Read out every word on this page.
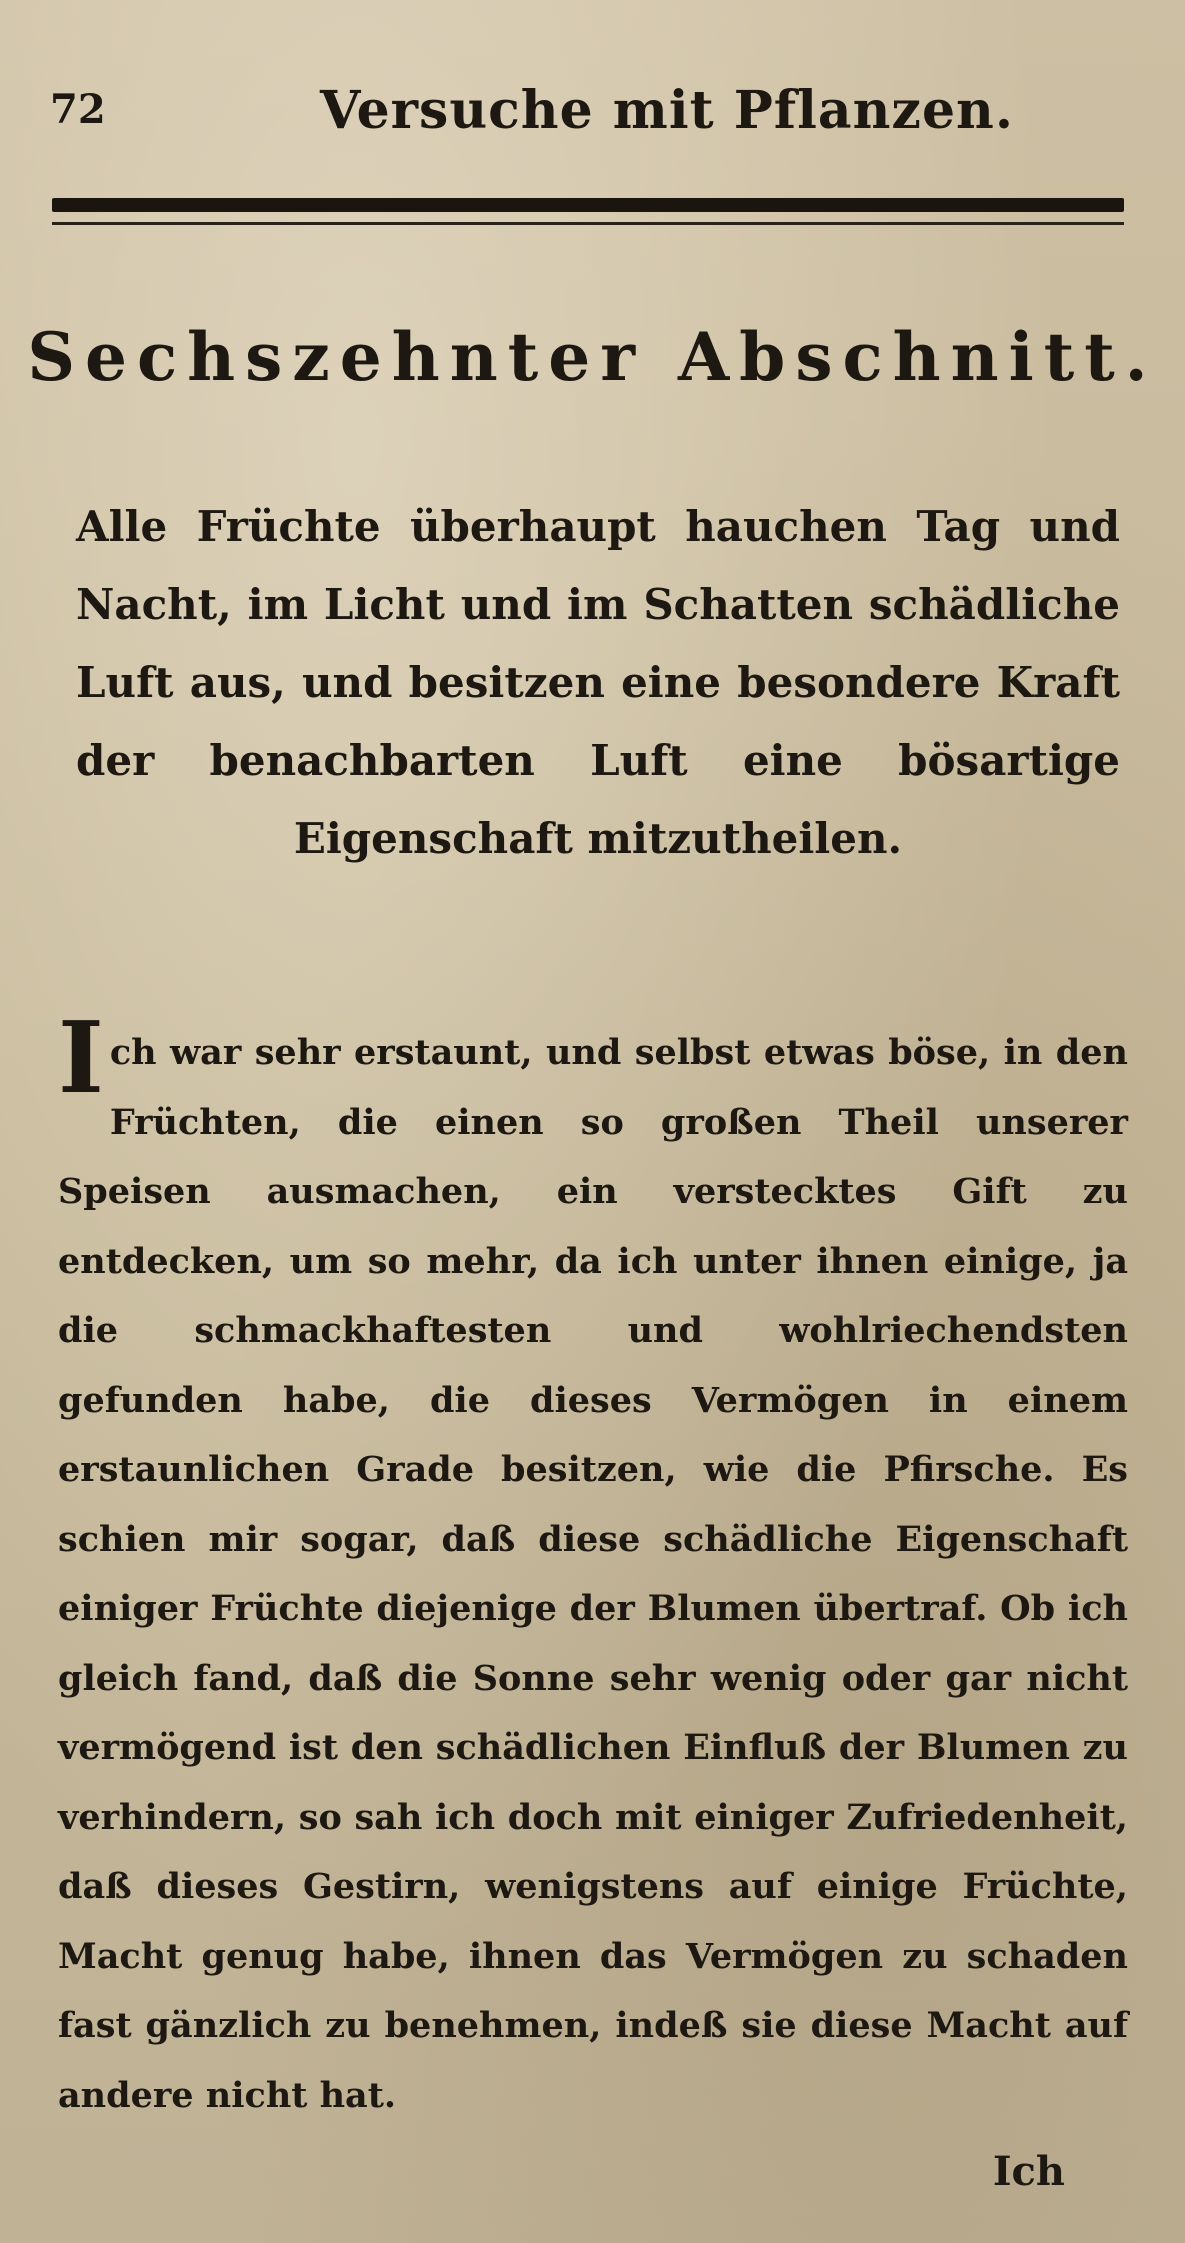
72	Versuche mit Pflanzen.
Sechszehnter Abschnitt.
Alle Früchte überhaupt hauchen Tag und Nacht, im Licht und im Schatten schädliche Luft aus, und besitzen eine besondere Kraft der benachbarten Luft eine bösartige Eigenschaft mitzutheilen.
I ch war sehr erstaunt, und selbst etwas böse, in den Früchten, die einen so großen Theil unserer Speisen ausmachen, ein verstecktes Gift zu entdecken, um so mehr, da ich unter ihnen einige, ja die schmackhaftesten und wohlriechendsten gefunden habe, die dieses Vermögen in einem erstaunlichen Grade besitzen, wie die Pfirsche. Es schien mir sogar, daß diese schädliche Eigenschaft einiger Früchte diejenige der Blumen übertraf. Ob ich gleich fand, daß die Sonne sehr wenig oder gar nicht vermögend ist den schädlichen Einfluß der Blumen zu verhindern, so sah ich doch mit einiger Zufriedenheit, daß dieses Gestirn, wenigstens auf einige Früchte, Macht genug habe, ihnen das Vermögen zu schaden fast gänzlich zu benehmen, indeß sie diese Macht auf andere nicht hat.
Ich
